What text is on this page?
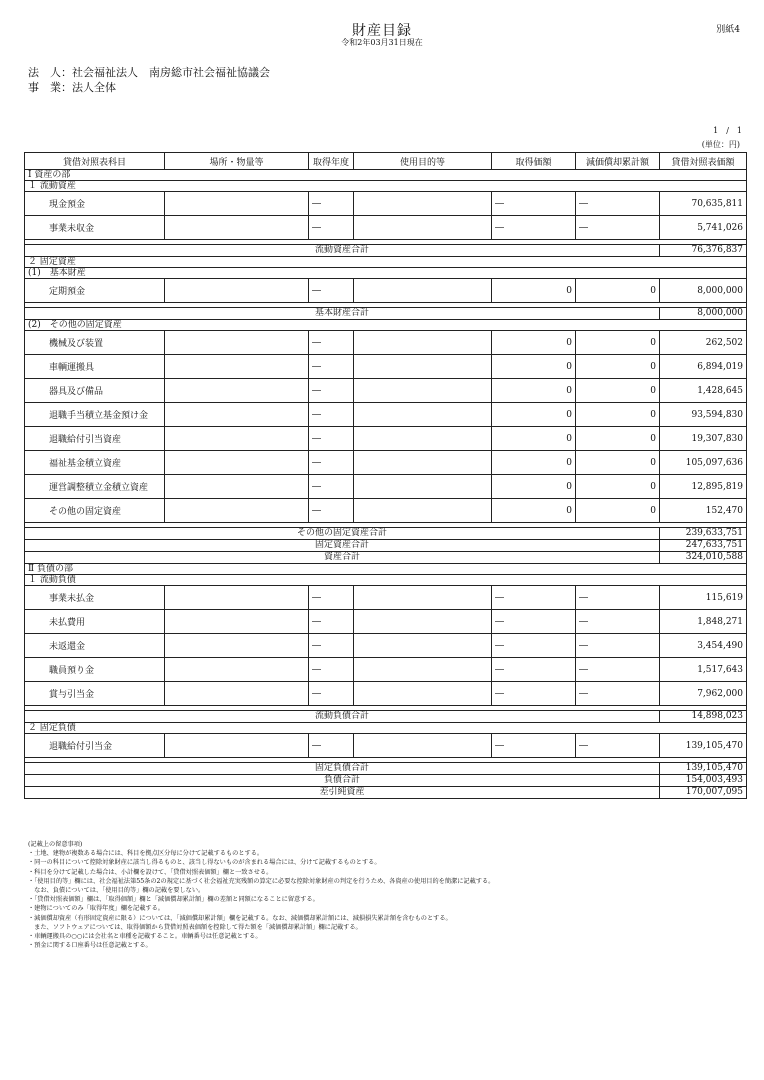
財産目録
令和2年03月31日現在
別紙4
法　人：社会福祉法人　南房総市社会福祉協議会
事　業：法人全体
1　/　1
(単位：円)
貸借対照表科目	場所・物量等	取得年度	使用目的等	取得価額	減価償却累計額	貸借対照表価額
Ⅰ 資産の部						
１ 流動資産						
現金預金		―		―	―	70,635,811
事業未収金		―		―	―	5,741,026

流動資産合計						76,376,837
２ 固定資産						
(1)　基本財産						
定期預金		―		0	0	8,000,000

基本財産合計						8,000,000
(2)　その他の固定資産						
機械及び装置		―		0	0	262,502
車輌運搬具		―		0	0	6,894,019
器具及び備品		―		0	0	1,428,645
退職手当積立基金預け金		―		0	0	93,594,830
退職給付引当資産		―		0	0	19,307,830
福祉基金積立資産		―		0	0	105,097,636
運営調整積立金積立資産		―		0	0	12,895,819
その他の固定資産		―		0	0	152,470

その他の固定資産合計						239,633,751
固定資産合計						247,633,751
資産合計						324,010,588
Ⅱ 負債の部						
１ 流動負債						
事業未払金		―		―	―	115,619
未払費用		―		―	―	1,848,271
未返還金		―		―	―	3,454,490
職員預り金		―		―	―	1,517,643
賞与引当金		―		―	―	7,962,000

流動負債合計						14,898,023
２ 固定負債						
退職給付引当金		―		―	―	139,105,470

固定負債合計						139,105,470
負債合計						154,003,493
差引純資産						170,007,095
(記載上の留意事項)
・土地、建物が複数ある場合には、科目を拠点区分毎に分けて記載するものとする。
・同一の科目について控除対象財産に該当し得るものと、該当し得ないものが含まれる場合には、分けて記載するものとする。
・科目を分けて記載した場合は、小計欄を設けて、「貸借対照表価額」欄と一致させる。
・「使用目的等」欄には、社会福祉法第55条の2の規定に基づく社会福祉充実残額の算定に必要な控除対象財産の判定を行うため、各資産の使用目的を簡潔に記載する。
　なお、負債については、「使用目的等」欄の記載を要しない。
・「貸借対照表価額」欄は、「取得価額」欄と「減価償却累計額」欄の差額と同額になることに留意する。
・建物についてのみ「取得年度」欄を記載する。
・減価償却資産（有形固定資産に限る）については、「減価償却累計額」欄を記載する。なお、減価償却累計額には、減損損失累計額を含むものとする。
　また、ソフトウェアについては、取得価額から貸借対照表価額を控除して得た額を「減価償却累計額」欄に記載する。
・車輌運搬具の○○には会社名と車種を記載すること。車輌番号は任意記載とする。
・預金に関する口座番号は任意記載とする。
